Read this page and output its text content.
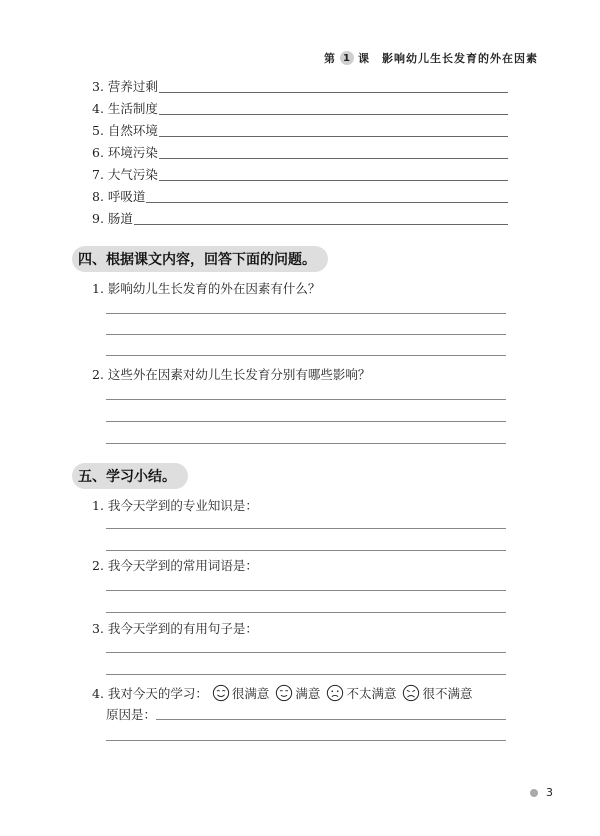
第 1 课 影响幼儿生长发育的外在因素
3. 营养过剩
4. 生活制度
5. 自然环境
6. 环境污染
7. 大气污染
8. 呼吸道
9. 肠道
四、根据课文内容，回答下面的问题。
1. 影响幼儿生长发育的外在因素有什么？
2. 这些外在因素对幼儿生长发育分别有哪些影响？
五、学习小结。
1. 我今天学到的专业知识是：
2. 我今天学到的常用词语是：
3. 我今天学到的有用句子是：
4. 我对今天的学习： 很满意 满意 不太满意 很不满意
原因是：
3
